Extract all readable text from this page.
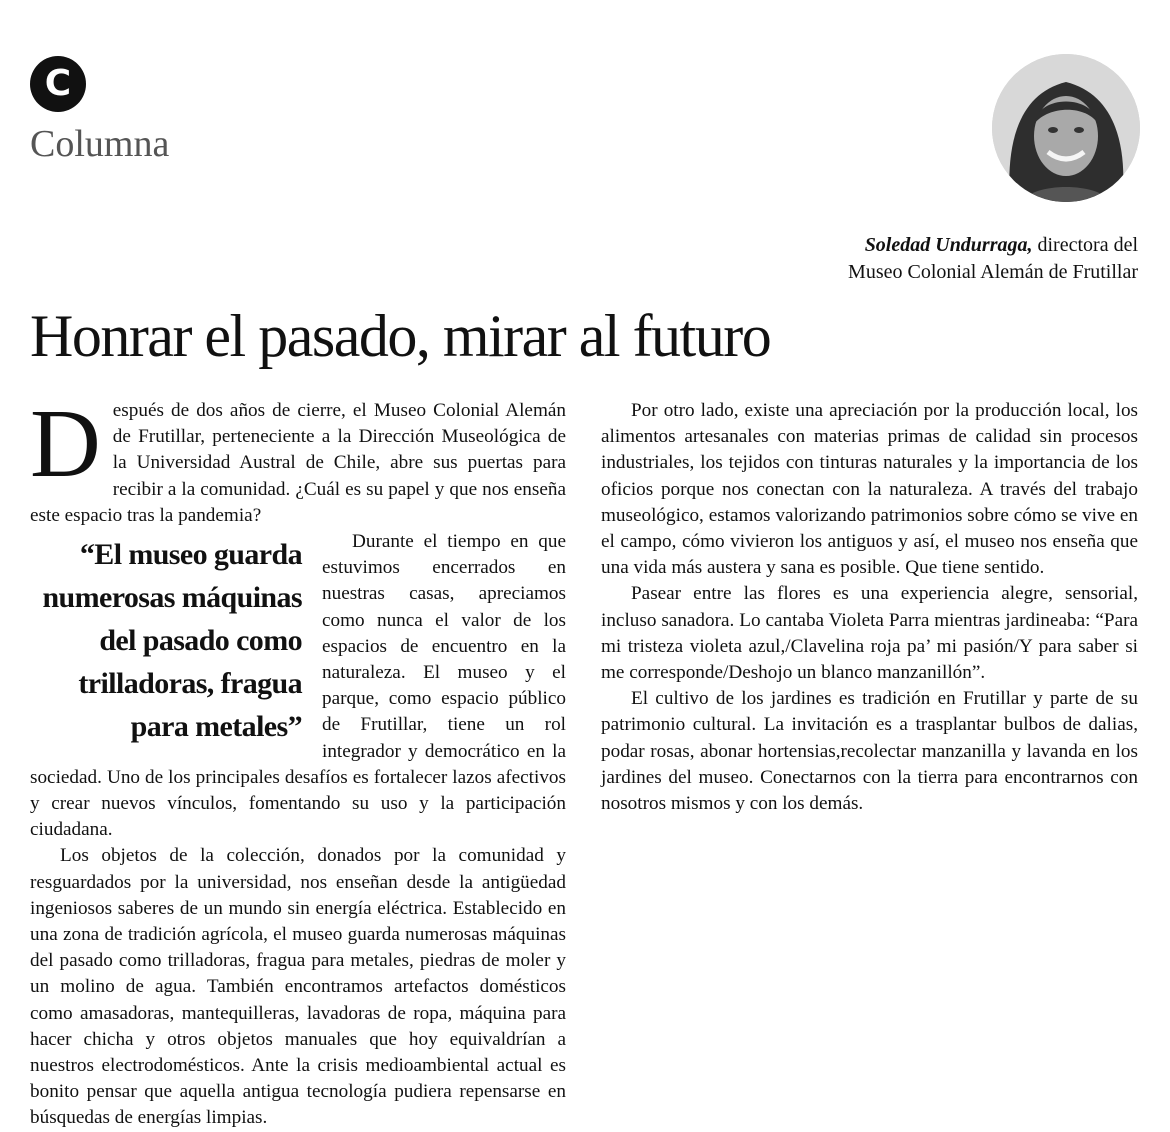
C
Columna
Soledad Undurraga, directora del
Museo Colonial Alemán de Frutillar
Honrar el pasado, mirar al futuro

Después de dos años de cierre, el Museo Colonial Alemán de Frutillar, perteneciente a la Dirección Museológica de la Universidad Austral de Chile, abre sus puertas para recibir a la comunidad. ¿Cuál es su papel y que nos enseña este espacio tras la pandemia?

“El museo guarda numerosas máquinas del pasado como trilladoras, fragua para metales”

Durante el tiempo en que estuvimos encerrados en nuestras casas, apreciamos como nunca el valor de los espacios de encuentro en la naturaleza. El museo y el parque, como espacio público de Frutillar, tiene un rol integrador y democrático en la sociedad. Uno de los principales desafíos es fortalecer lazos afectivos y crear nuevos vínculos, fomentando su uso y la participación ciudadana.

Los objetos de la colección, donados por la comunidad y resguardados por la universidad, nos enseñan desde la antigüedad ingeniosos saberes de un mundo sin energía eléctrica. Establecido en una zona de tradición agrícola, el museo guarda numerosas máquinas del pasado como trilladoras, fragua para metales, piedras de moler y un molino de agua. También encontramos artefactos domésticos como amasadoras, mantequilleras, lavadoras de ropa, máquina para hacer chicha y otros objetos manuales que hoy equivaldrían a nuestros electrodomésticos. Ante la crisis medioambiental actual es bonito pensar que aquella antigua tecnología pudiera repensarse en búsquedas de energías limpias.

Por otro lado, existe una apreciación por la producción local, los alimentos artesanales con materias primas de calidad sin procesos industriales, los tejidos con tinturas naturales y la importancia de los oficios porque nos conectan con la naturaleza. A través del trabajo museológico, estamos valorizando patrimonios sobre cómo se vive en el campo, cómo vivieron los antiguos y así, el museo nos enseña que una vida más austera y sana es posible. Que tiene sentido.

Pasear entre las flores es una experiencia alegre, sensorial, incluso sanadora. Lo cantaba Violeta Parra mientras jardineaba: “Para mi tristeza violeta azul,/Clavelina roja pa’ mi pasión/Y para saber si me corresponde/Deshojo un blanco manzanillón”.

El cultivo de los jardines es tradición en Frutillar y parte de su patrimonio cultural. La invitación es a trasplantar bulbos de dalias, podar rosas, abonar hortensias,recolectar manzanilla y lavanda en los jardines del museo. Conectarnos con la tierra para encontrarnos con nosotros mismos y con los demás.
